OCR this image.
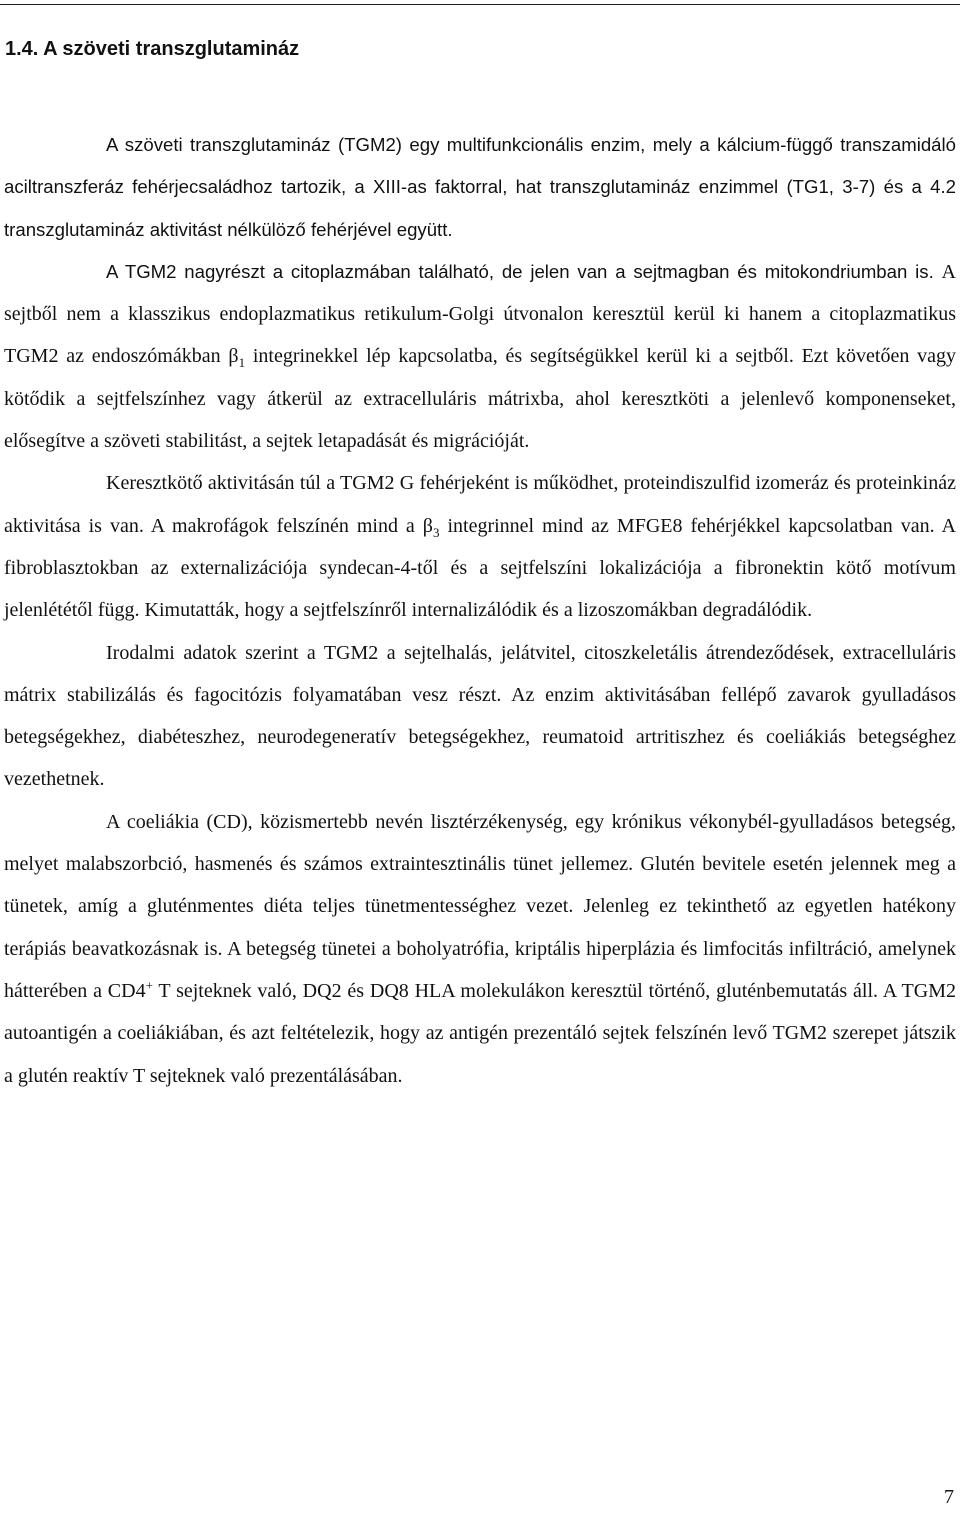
1.4. A szöveti transzglutamináz

A szöveti transzglutamináz (TGM2) egy multifunkcionális enzim, mely a kálcium-függő transzamidáló aciltranszferáz fehérjecsaládhoz tartozik, a XIII-as faktorral, hat transzglutamináz enzimmel (TG1, 3-7) és a 4.2 transzglutamináz aktivitást nélkülöző fehérjével együtt.
A TGM2 nagyrészt a citoplazmában található, de jelen van a sejtmagban és mitokondriumban is. A sejtből nem a klasszikus endoplazmatikus retikulum-Golgi útvonalon keresztül kerül ki hanem a citoplazmatikus TGM2 az endoszómákban $\beta_1$ integrinekkel lép kapcsolatba, és segítségükkel kerül ki a sejtből. Ezt követően vagy kötődik a sejtfelszínhez vagy átkerül az extracelluláris mátrixba, ahol keresztköti a jelenlevő komponenseket, elősegítve a szöveti stabilitást, a sejtek letapadását és migrációját.

Keresztkötő aktivitásán túl a TGM2 G fehérjeként is működhet, proteindiszulfid izomeráz és proteinkináz aktivitása is van. A makrofágok felszínén mind a $\beta_3$ integrinnel mind az MFGE8 fehérjékkel kapcsolatban van. A fibroblasztokban az externalizációja syndecan-4-től és a sejtfelszíni lokalizációja a fibronektin kötő motívum jelenlététől függ. Kimutatták, hogy a sejtfelszínről internalizálódik és a lizoszomákban degradálódik.

Irodalmi adatok szerint a TGM2 a sejtelhalás, jelátvitel, citoszkeletális átrendeződések, extracelluláris mátrix stabilizálás és fagocitózis folyamatában vesz részt. Az enzim aktivitásában fellépő zavarok gyulladásos betegségekhez, diabéteszhez, neurodegeneratív betegségekhez, reumatoid artritiszhez és coeliákiás betegséghez vezethetnek.

A coeliákia (CD), közismertebb nevén lisztérzékenység, egy krónikus vékonybél-gyulladásos betegség, melyet malabszorbció, hasmenés és számos extraintesztinális tünet jellemez. Glutén bevitele esetén jelennek meg a tünetek, amíg a gluténmentes diéta teljes tünetmentességhez vezet. Jelenleg ez tekinthető az egyetlen hatékony terápiás beavatkozásnak is. A betegség tünetei a boholyatrófia, kriptális hiperplázia és limfocitás infiltráció, amelynek hátterében a CD4+ T sejteknek való, DQ2 és DQ8 HLA molekulákon keresztül történő, gluténbemutatás áll. A TGM2 autoantigén a coeliákiában, és azt feltételezik, hogy az antigén prezentáló sejtek felszínén levő TGM2 szerepet játszik a glutén reaktív T sejteknek való prezentálásában.

7
